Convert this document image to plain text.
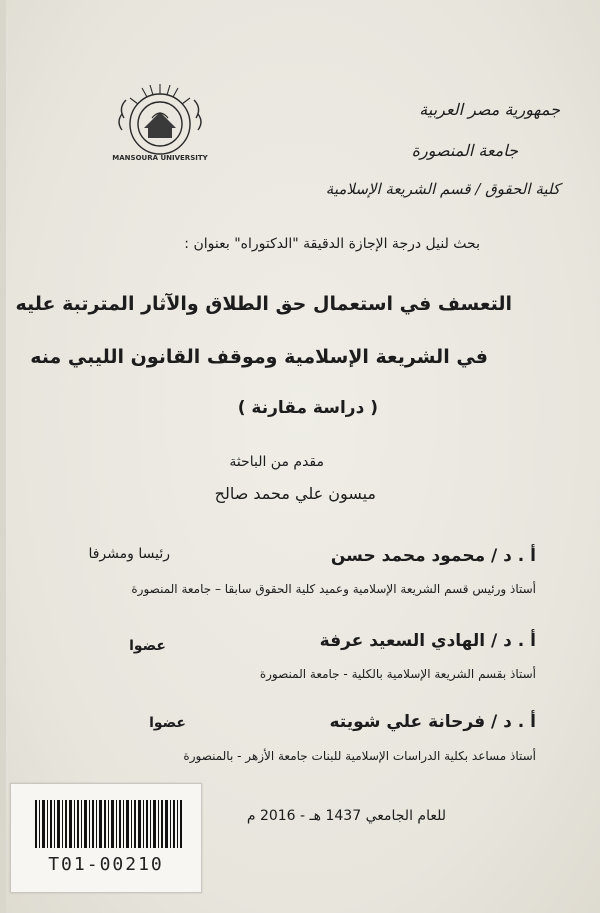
MANSOURA UNIVERSITY
جمهورية مصر العربية
جامعة المنصورة
كلية الحقوق / قسم الشريعة الإسلامية
بحث لنيل درجة الإجازة الدقيقة "الدكتوراه" بعنوان :
التعسف في استعمال حق الطلاق والآثار المترتبة عليه
في الشريعة الإسلامية وموقف القانون الليبي منه
( دراسة مقارنة )
مقدم من الباحثة
ميسون علي محمد صالح
أ . د / محمود محمد حسن
رئيسا ومشرفا
أستاذ ورئيس قسم الشريعة الإسلامية وعميد كلية الحقوق سابقا – جامعة المنصورة
أ . د / الهادي السعيد عرفة
عضوا
أستاذ بقسم الشريعة الإسلامية بالكلية - جامعة المنصورة
أ . د / فرحانة علي شويته
عضوا
أستاذ مساعد بكلية الدراسات الإسلامية للبنات جامعة الأزهر - بالمنصورة
للعام الجامعي 1437 هـ - 2016 م
T01-00210
